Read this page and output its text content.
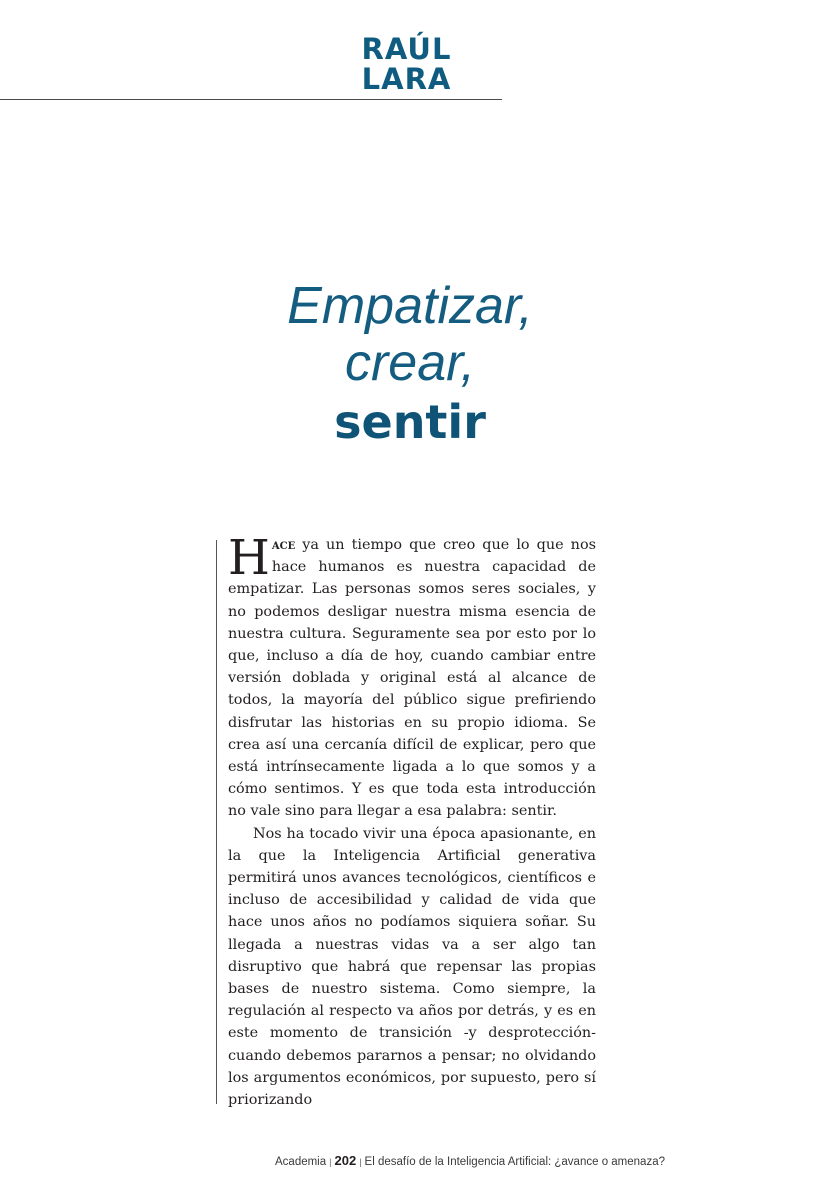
RAÚL
LARA
Empatizar,
crear,
sentir

Hace ya un tiempo que creo que lo que nos hace humanos es nuestra capacidad de empatizar. Las personas somos seres sociales, y no podemos desligar nuestra misma esencia de nuestra cultura. Seguramente sea por esto por lo que, incluso a día de hoy, cuando cambiar entre versión doblada y original está al alcance de todos, la mayoría del público sigue prefiriendo disfrutar las historias en su propio idioma. Se crea así una cercanía difícil de explicar, pero que está intrínsecamente ligada a lo que somos y a cómo sentimos. Y es que toda esta introducción no vale sino para llegar a esa palabra: sentir.

Nos ha tocado vivir una época apasionante, en la que la Inteligencia Artificial generativa permitirá unos avances tecnológicos, científicos e incluso de accesibilidad y calidad de vida que hace unos años no podíamos siquiera soñar. Su llegada a nuestras vidas va a ser algo tan disruptivo que habrá que repensar las propias bases de nuestro sistema. Como siempre, la regulación al respecto va años por detrás, y es en este momento de transición -y desprotección- cuando debemos pararnos a pensar; no olvidando los argumentos económicos, por supuesto, pero sí priorizando

Academia | 202 | El desafío de la Inteligencia Artificial: ¿avance o amenaza?
